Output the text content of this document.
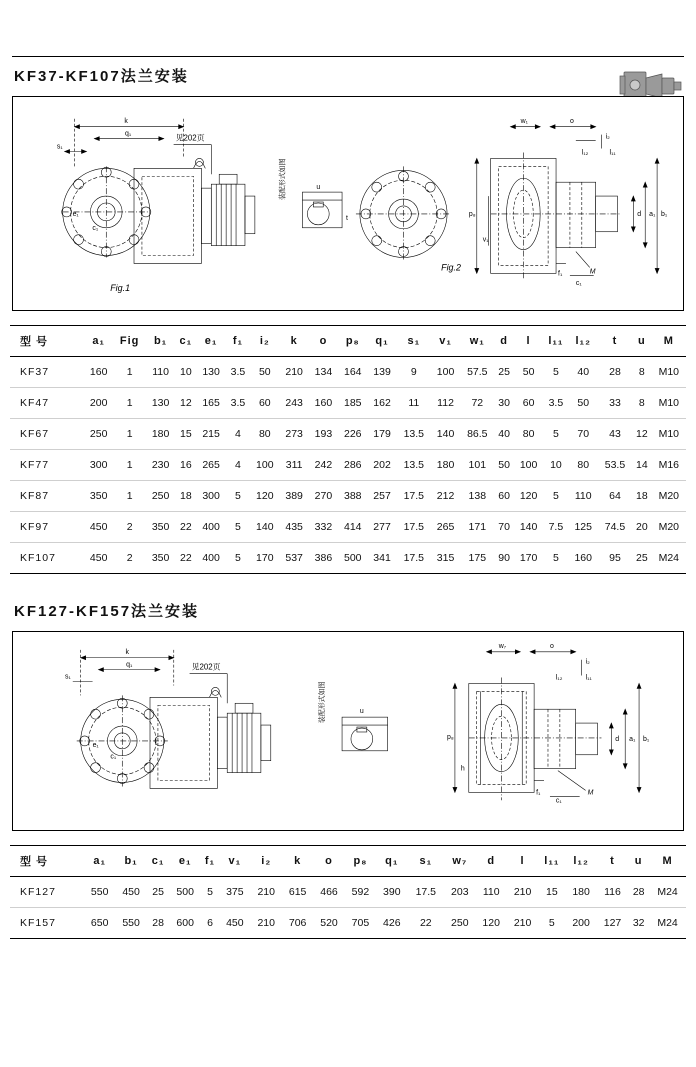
KF37-KF107法兰安装
k
q₁
s₁
e₁
c₁
见202页
Fig.1
u
t
装配形式如图
Fig.2
w₁	o
i₂
l₁₂	l₁₁
d a₁ b₁
p₈
v₁
f₁
c₁
M
型 号	a₁	Fig	b₁	c₁	e₁	f₁	i₂	k	o	p₈	q₁	s₁	v₁	w₁	d	l	l₁₁	l₁₂	t	u	M
KF37	160	1	110	10	130	3.5	50	210	134	164	139	9	100	57.5	25	50	5	40	28	8	M10
KF47	200	1	130	12	165	3.5	60	243	160	185	162	11	112	72	30	60	3.5	50	33	8	M10
KF67	250	1	180	15	215	4	80	273	193	226	179	13.5	140	86.5	40	80	5	70	43	12	M10
KF77	300	1	230	16	265	4	100	311	242	286	202	13.5	180	101	50	100	10	80	53.5	14	M16
KF87	350	1	250	18	300	5	120	389	270	388	257	17.5	212	138	60	120	5	110	64	18	M20
KF97	450	2	350	22	400	5	140	435	332	414	277	17.5	265	171	70	140	7.5	125	74.5	20	M20
KF107	450	2	350	22	400	5	170	537	386	500	341	17.5	315	175	90	170	5	160	95	25	M24
KF127-KF157法兰安装
k
q₁
s₁
e₁
c₁
见202页
u
装配形式如图
w₇	o
i₂
l₁₂	l₁₁
d a₁ b₁
p₈
h
f₁
c₁
M
型 号	a₁	b₁	c₁	e₁	f₁	v₁	i₂	k	o	p₈	q₁	s₁	w₇	d	l	l₁₁	l₁₂	t	u	M
KF127	550	450	25	500	5	375	210	615	466	592	390	17.5	203	110	210	15	180	116	28	M24
KF157	650	550	28	600	6	450	210	706	520	705	426	22	250	120	210	5	200	127	32	M24
